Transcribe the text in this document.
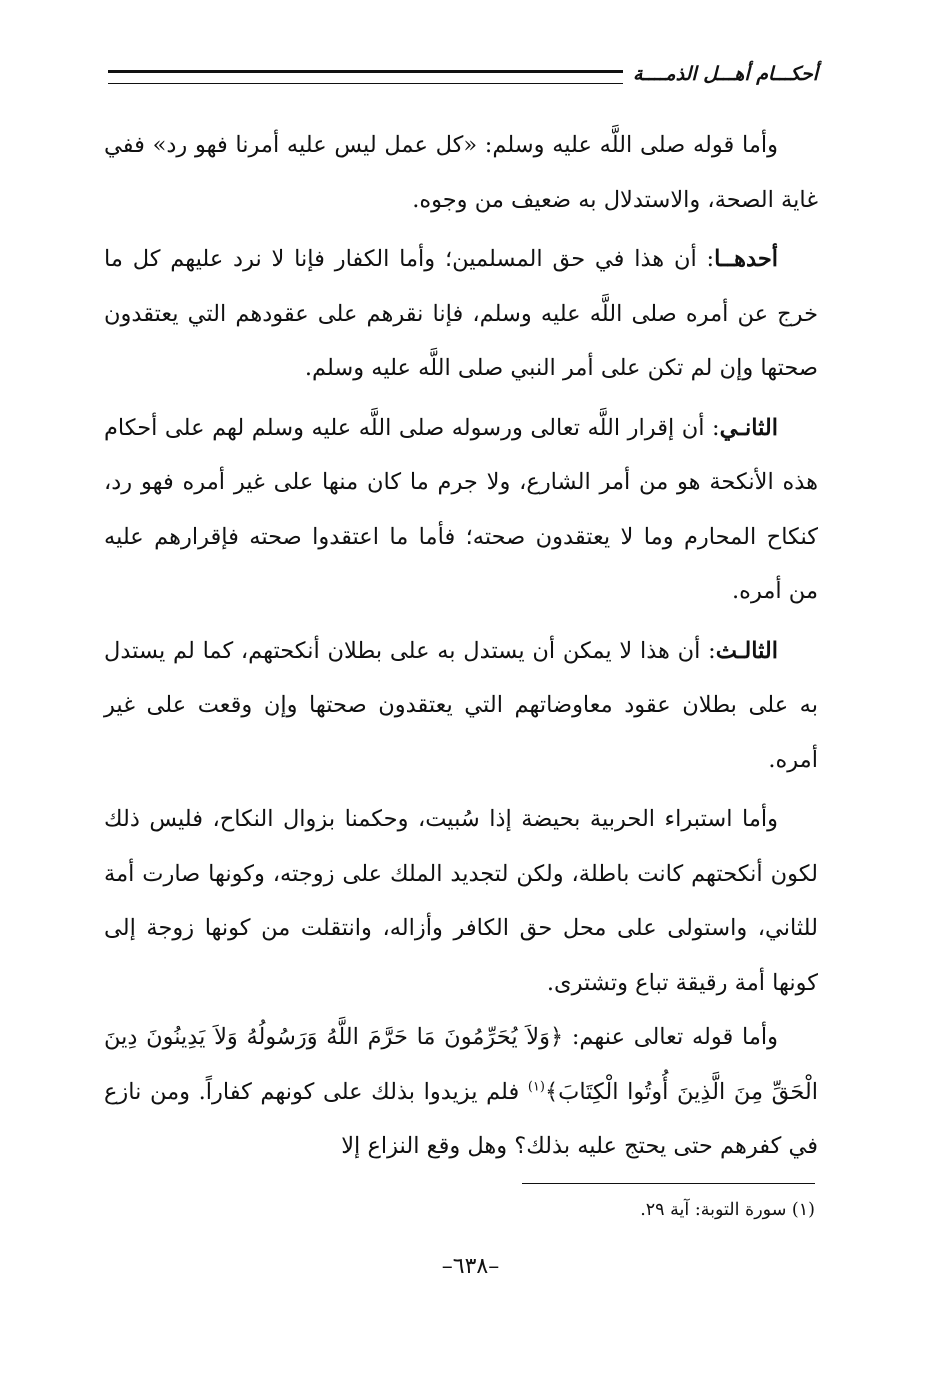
أحكـــام أهـــل الذمــــة

وأما قوله صلى اللَّه عليه وسلم: «كل عمل ليس عليه أمرنا فهو رد» ففي غاية الصحة، والاستدلال به ضعيف من وجوه.

أحدهــا: أن هذا في حق المسلمين؛ وأما الكفار فإنا لا نرد عليهم كل ما خرج عن أمره صلى اللَّه عليه وسلم، فإنا نقرهم على عقودهم التي يعتقدون صحتها وإن لم تكن على أمر النبي صلى اللَّه عليه وسلم.

الثانـي: أن إقرار اللَّه تعالى ورسوله صلى اللَّه عليه وسلم لهم على أحكام هذه الأنكحة هو من أمر الشارع، ولا جرم ما كان منها على غير أمره فهو رد، كنكاح المحارم وما لا يعتقدون صحته؛ فأما ما اعتقدوا صحته فإقرارهم عليه من أمره.

الثالـث: أن هذا لا يمكن أن يستدل به على بطلان أنكحتهم، كما لم يستدل به على بطلان عقود معاوضاتهم التي يعتقدون صحتها وإن وقعت على غير أمره.

وأما استبراء الحربية بحيضة إذا سُبيت، وحكمنا بزوال النكاح، فليس ذلك لكون أنكحتهم كانت باطلة، ولكن لتجديد الملك على زوجته، وكونها صارت أمة للثاني، واستولى على محل حق الكافر وأزاله، وانتقلت من كونها زوجة إلى كونها أمة رقيقة تباع وتشترى.

وأما قوله تعالى عنهم: ﴿وَلاَ يُحَرِّمُونَ مَا حَرَّمَ اللَّهُ وَرَسُولُهُ وَلاَ يَدِينُونَ دِينَ الْحَقِّ مِنَ الَّذِينَ أُوتُوا الْكِتَابَ﴾$^{(١)}$ فلم يزيدوا بذلك على كونهم كفاراً. ومن نازع في كفرهم حتى يحتج عليه بذلك؟ وهل وقع النزاع إلا

(١) سورة التوبة: آية ٢٩.
–٦٣٨–
